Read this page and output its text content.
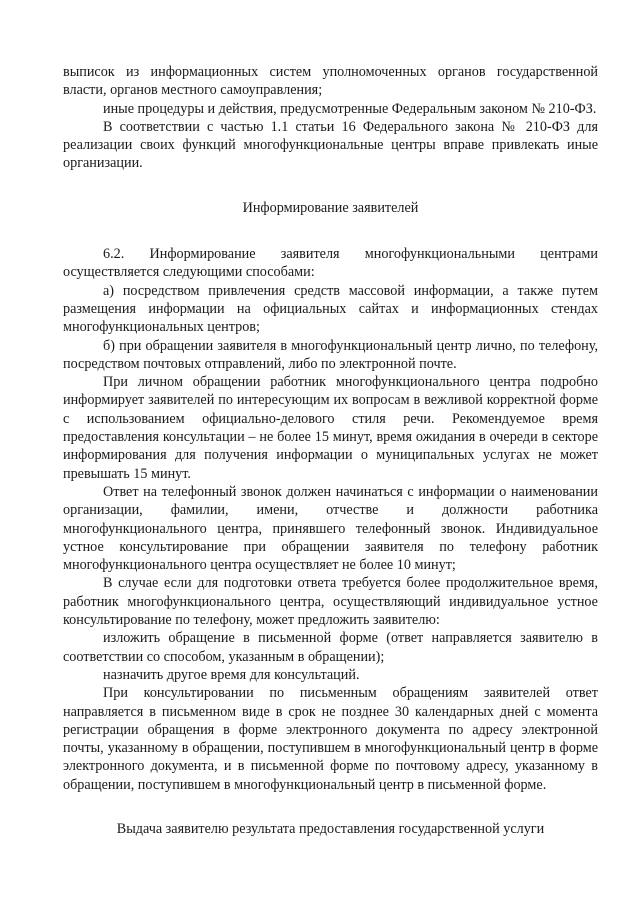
выписок из информационных систем уполномоченных органов государственной власти, органов местного самоуправления;

иные процедуры и действия, предусмотренные Федеральным законом № 210-ФЗ.

В соответствии с частью 1.1 статьи 16 Федерального закона № 210-ФЗ для реализации своих функций многофункциональные центры вправе привлекать иные организации.

Информирование заявителей

6.2. Информирование заявителя многофункциональными центрами осуществляется следующими способами:

а) посредством привлечения средств массовой информации, а также путем размещения информации на официальных сайтах и информационных стендах многофункциональных центров;

б) при обращении заявителя в многофункциональный центр лично, по телефону, посредством почтовых отправлений, либо по электронной почте.

При личном обращении работник многофункционального центра подробно информирует заявителей по интересующим их вопросам в вежливой корректной форме с использованием официально-делового стиля речи. Рекомендуемое время предоставления консультации – не более 15 минут, время ожидания в очереди в секторе информирования для получения информации о муниципальных услугах не может превышать 15 минут.

Ответ на телефонный звонок должен начинаться с информации о наименовании организации, фамилии, имени, отчестве и должности работника многофункционального центра, принявшего телефонный звонок. Индивидуальное устное консультирование при обращении заявителя по телефону работник многофункционального центра осуществляет не более 10 минут;

В случае если для подготовки ответа требуется более продолжительное время, работник многофункционального центра, осуществляющий индивидуальное устное консультирование по телефону, может предложить заявителю:

изложить обращение в письменной форме (ответ направляется заявителю в соответствии со способом, указанным в обращении);

назначить другое время для консультаций.

При консультировании по письменным обращениям заявителей ответ направляется в письменном виде в срок не позднее 30 календарных дней с момента регистрации обращения в форме электронного документа по адресу электронной почты, указанному в обращении, поступившем в многофункциональный центр в форме электронного документа, и в письменной форме по почтовому адресу, указанному в обращении, поступившем в многофункциональный центр в письменной форме.

Выдача заявителю результата предоставления государственной услуги
